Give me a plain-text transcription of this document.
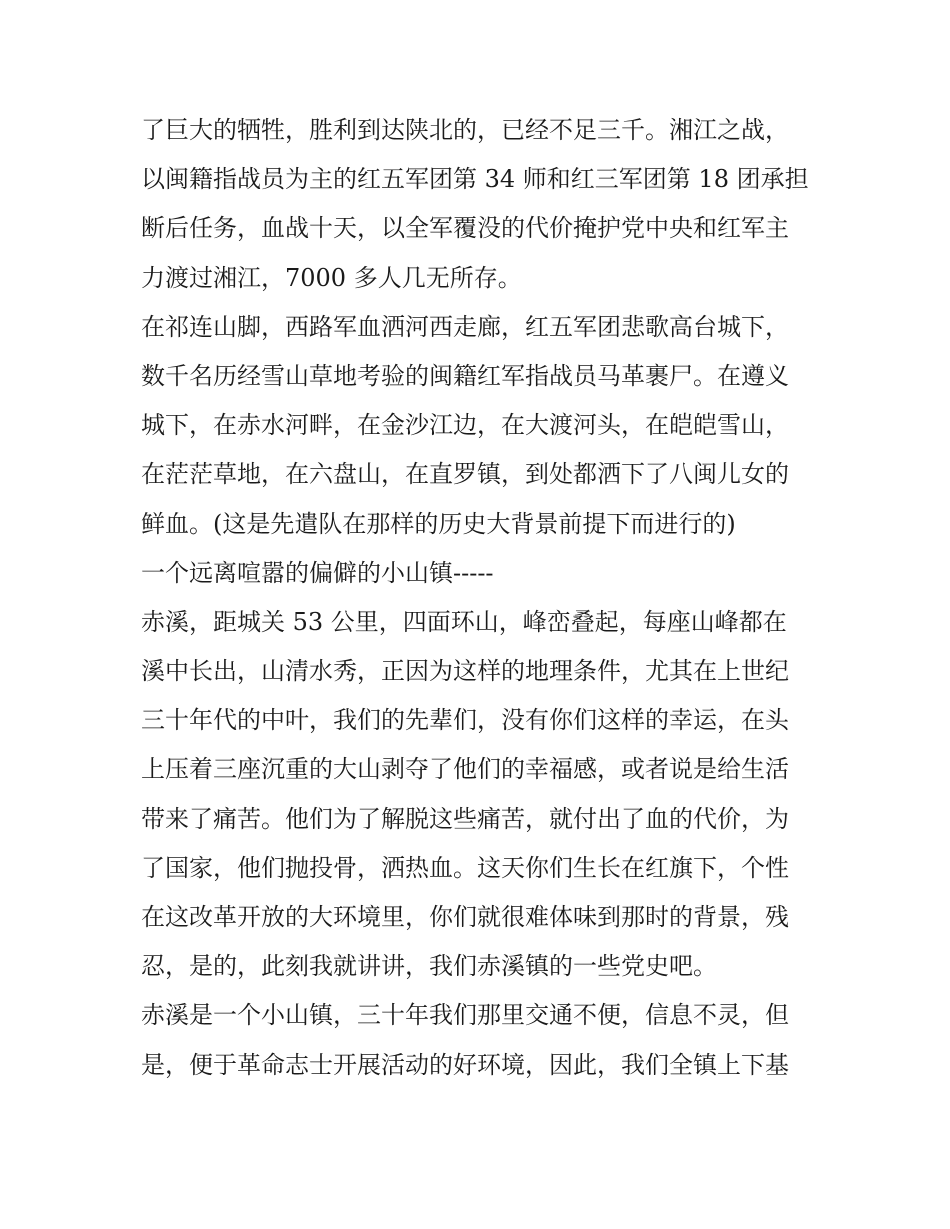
了巨大的牺牲，胜利到达陕北的，已经不足三千。湘江之战，
以闽籍指战员为主的红五军团第 34 师和红三军团第 18 团承担
断后任务，血战十天，以全军覆没的代价掩护党中央和红军主
力渡过湘江，7000 多人几无所存。
在祁连山脚，西路军血洒河西走廊，红五军团悲歌高台城下，
数千名历经雪山草地考验的闽籍红军指战员马革裹尸。在遵义
城下，在赤水河畔，在金沙江边，在大渡河头，在皑皑雪山，
在茫茫草地，在六盘山，在直罗镇，到处都洒下了八闽儿女的
鲜血。(这是先遣队在那样的历史大背景前提下而进行的)
一个远离喧嚣的偏僻的小山镇-----
赤溪，距城关 53 公里，四面环山，峰峦叠起，每座山峰都在
溪中长出，山清水秀，正因为这样的地理条件，尤其在上世纪
三十年代的中叶，我们的先辈们，没有你们这样的幸运，在头
上压着三座沉重的大山剥夺了他们的幸福感，或者说是给生活
带来了痛苦。他们为了解脱这些痛苦，就付出了血的代价，为
了国家，他们抛投骨，洒热血。这天你们生长在红旗下，个性
在这改革开放的大环境里，你们就很难体味到那时的背景，残
忍，是的，此刻我就讲讲，我们赤溪镇的一些党史吧。
赤溪是一个小山镇，三十年我们那里交通不便，信息不灵，但
是，便于革命志士开展活动的好环境，因此，我们全镇上下基
